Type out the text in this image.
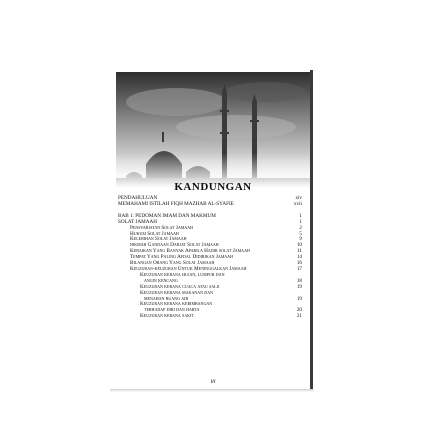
KANDUNGAN
PENDAHULUAN	xiv
MEMAHAMI ISTILAH FIQH MAZHAB AL-SYAFIE	xvii
BAB 1: PEDOMAN IMAM DAN MAKMUM	1
SOLAT JAMAAH	1
Pensyariatan Solat Jamaah	2
Hukum Solat Jamaah	5
Kelebihan Solat Jamaah	9
hikmah Gandaan Darjat Solat Jamaah	10
Kebaikan Yang Banyak Apabila Hadir solat Jamaah	11
Tempat Yang Paling Afdal Didirikan Jamaah	14
Bilangan Orang Yang Solat Jamaah	16
Keuzuran-keuzuran Untuk Meninggalkan Jamaah	17
Keuzuran kerana hujan, lumpur dan
angin kencang	18
Keuzuran kerana cuaca atau salji	19
Keuzuran kerana makanan dan
menahan buang air	19
Keuzuran kerana kebimbangan
terhadap diri dan harta	20
Keuzuran kerana sakit	21
iii
